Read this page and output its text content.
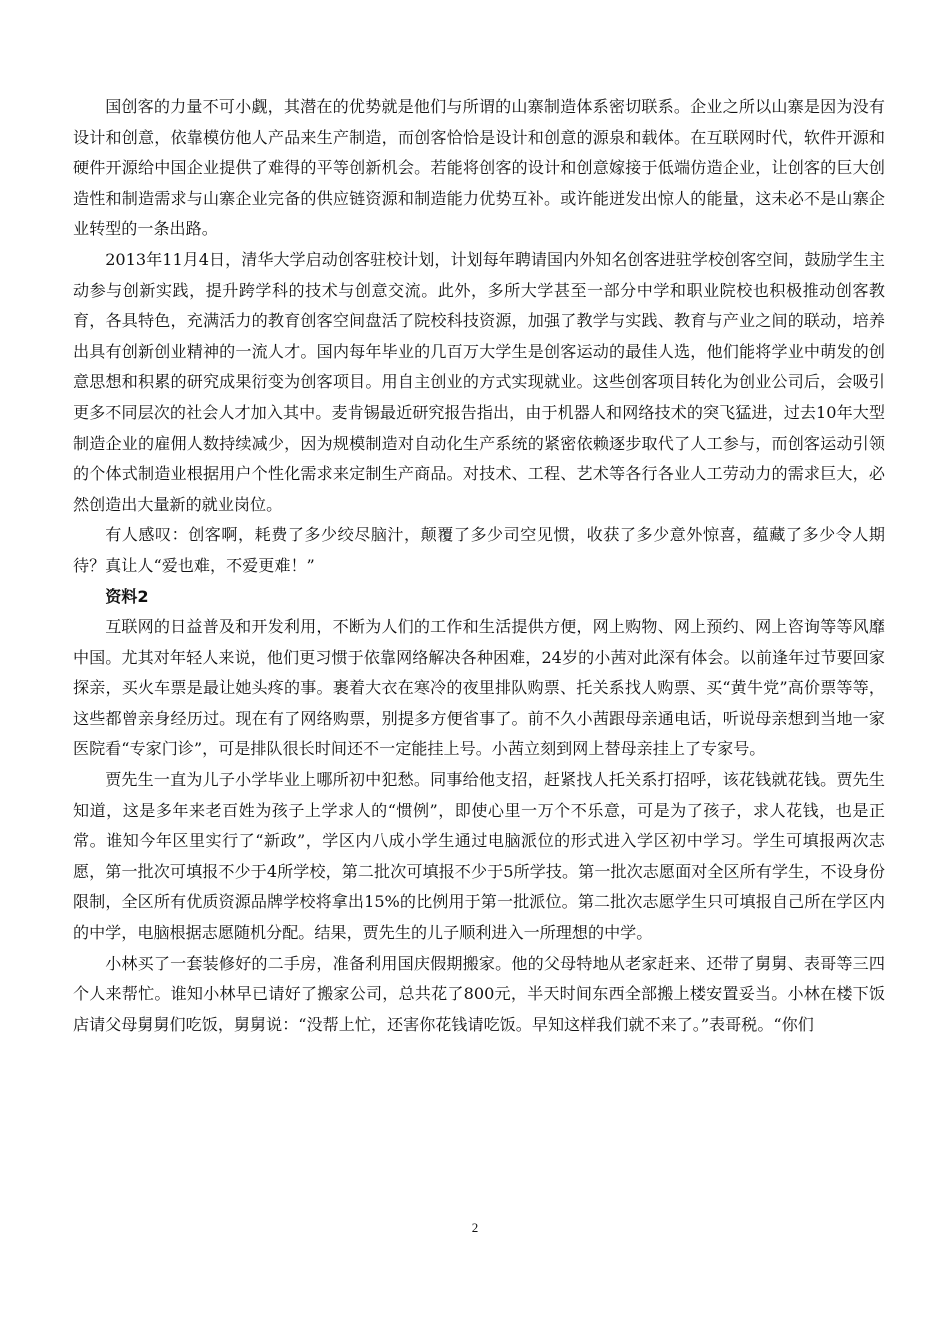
国创客的力量不可小觑，其潜在的优势就是他们与所谓的山寨制造体系密切联系。企业之所以山寨是因为没有设计和创意，依靠模仿他人产品来生产制造，而创客恰恰是设计和创意的源泉和载体。在互联网时代，软件开源和硬件开源给中国企业提供了难得的平等创新机会。若能将创客的设计和创意嫁接于低端仿造企业，让创客的巨大创造性和制造需求与山寨企业完备的供应链资源和制造能力优势互补。或许能迸发出惊人的能量，这未必不是山寨企业转型的一条出路。

2013年11月4日，清华大学启动创客驻校计划，计划每年聘请国内外知名创客进驻学校创客空间，鼓励学生主动参与创新实践，提升跨学科的技术与创意交流。此外，多所大学甚至一部分中学和职业院校也积极推动创客教育，各具特色，充满活力的教育创客空间盘活了院校科技资源，加强了教学与实践、教育与产业之间的联动，培养出具有创新创业精神的一流人才。国内每年毕业的几百万大学生是创客运动的最佳人选，他们能将学业中萌发的创意思想和积累的研究成果衍变为创客项目。用自主创业的方式实现就业。这些创客项目转化为创业公司后，会吸引更多不同层次的社会人才加入其中。麦肯锡最近研究报告指出，由于机器人和网络技术的突飞猛进，过去10年大型制造企业的雇佣人数持续减少，因为规模制造对自动化生产系统的紧密依赖逐步取代了人工参与，而创客运动引领的个体式制造业根据用户个性化需求来定制生产商品。对技术、工程、艺术等各行各业人工劳动力的需求巨大，必然创造出大量新的就业岗位。

有人感叹：创客啊，耗费了多少绞尽脑汁，颠覆了多少司空见惯，收获了多少意外惊喜，蕴藏了多少令人期待？真让人“爱也难，不爱更难！”

资料2

互联网的日益普及和开发利用，不断为人们的工作和生活提供方便，网上购物、网上预约、网上咨询等等风靡中国。尤其对年轻人来说，他们更习惯于依靠网络解决各种困难，24岁的小茜对此深有体会。以前逢年过节要回家探亲，买火车票是最让她头疼的事。裹着大衣在寒冷的夜里排队购票、托关系找人购票、买“黄牛党”高价票等等，这些都曾亲身经历过。现在有了网络购票，别提多方便省事了。前不久小茜跟母亲通电话，听说母亲想到当地一家医院看“专家门诊”，可是排队很长时间还不一定能挂上号。小茜立刻到网上替母亲挂上了专家号。

贾先生一直为儿子小学毕业上哪所初中犯愁。同事给他支招，赶紧找人托关系打招呼，该花钱就花钱。贾先生知道，这是多年来老百姓为孩子上学求人的“惯例”，即使心里一万个不乐意，可是为了孩子，求人花钱，也是正常。谁知今年区里实行了“新政”，学区内八成小学生通过电脑派位的形式进入学区初中学习。学生可填报两次志愿，第一批次可填报不少于4所学校，第二批次可填报不少于5所学技。第一批次志愿面对全区所有学生，不设身份限制，全区所有优质资源品牌学校将拿出15%的比例用于第一批派位。第二批次志愿学生只可填报自己所在学区内的中学，电脑根据志愿随机分配。结果，贾先生的儿子顺利进入一所理想的中学。

小林买了一套装修好的二手房，准备利用国庆假期搬家。他的父母特地从老家赶来、还带了舅舅、表哥等三四个人来帮忙。谁知小林早已请好了搬家公司，总共花了800元，半天时间东西全部搬上楼安置妥当。小林在楼下饭店请父母舅舅们吃饭，舅舅说：“没帮上忙，还害你花钱请吃饭。早知这样我们就不来了。”表哥税。“你们

2
